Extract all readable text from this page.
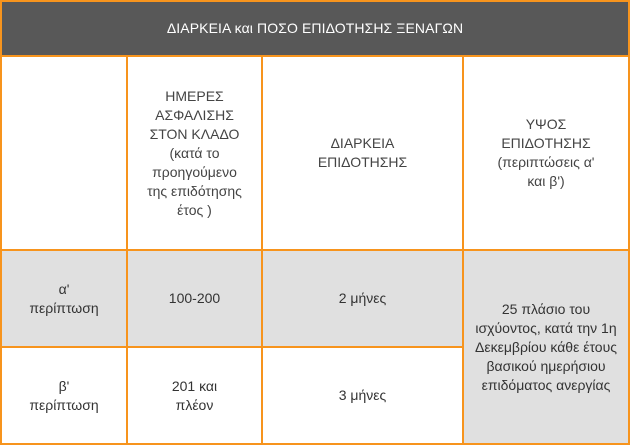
ΔΙΑΡΚΕΙΑ και ΠΟΣΟ ΕΠΙΔΟΤΗΣΗΣ ΞΕΝΑΓΩΝ			
	ΗΜΕΡΕΣ ΑΣΦΑΛΙΣΗΣ ΣΤΟΝ ΚΛΑΔΟ (κατά το προηγούμενο της επιδότησης έτος )	ΔΙΑΡΚΕΙΑ ΕΠΙΔΟΤΗΣΗΣ	ΥΨΟΣ ΕΠΙΔΟΤΗΣΗΣ (περιπτώσεις α' και β')
α' περίπτωση	100-200	2 μήνες	25 πλάσιο του ισχύοντος, κατά την 1η Δεκεμβρίου κάθε έτους βασικού ημερήσιου επιδόματος ανεργίας
β' περίπτωση	201 και πλέον	3 μήνες	
